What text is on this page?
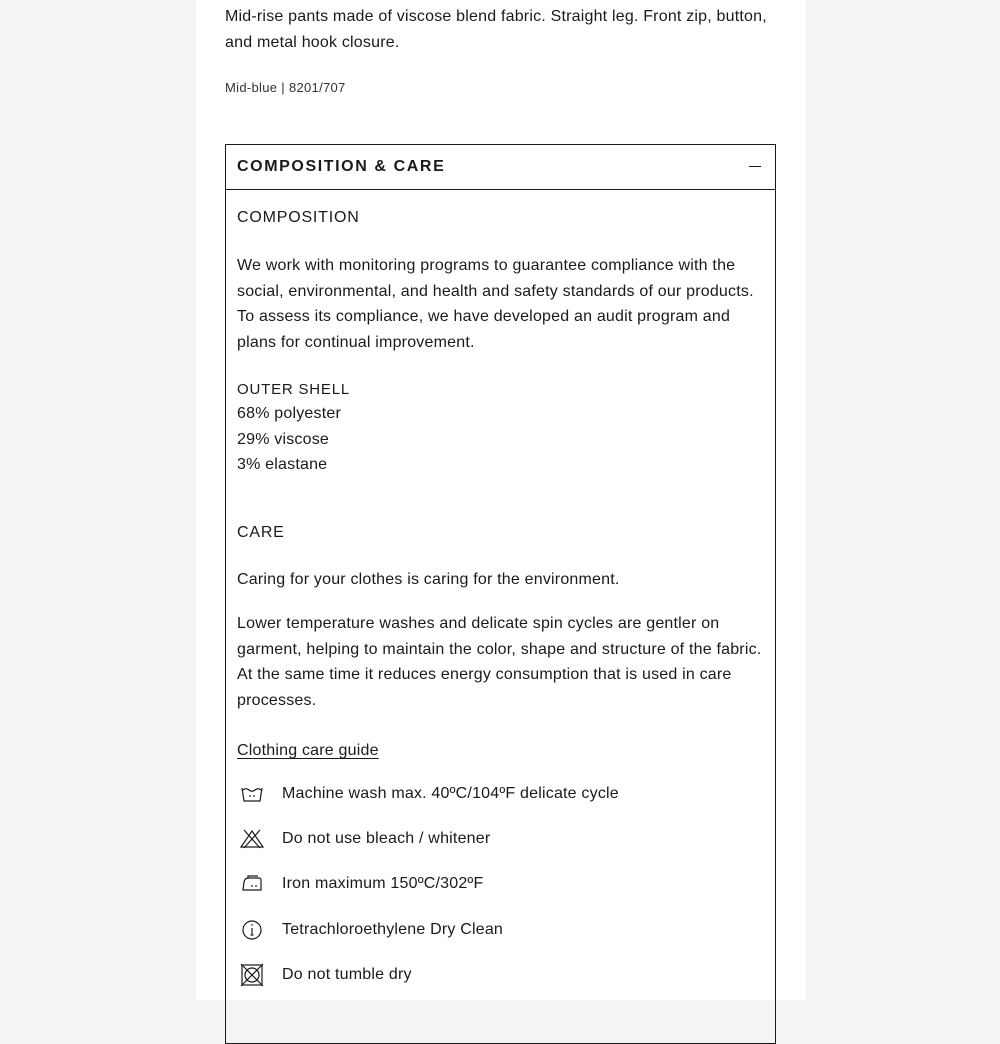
Mid-rise pants made of viscose blend fabric. Straight leg. Front zip, button, and metal hook closure.

Mid-blue | 8201/707
COMPOSITION & CARE
COMPOSITION

We work with monitoring programs to guarantee compliance with the social, environmental, and health and safety standards of our products. To assess its compliance, we have developed an audit program and plans for continual improvement.

OUTER SHELL
68% polyester
29% viscose
3% elastane
CARE

Caring for your clothes is caring for the environment.

Lower temperature washes and delicate spin cycles are gentler on garment, helping to maintain the color, shape and structure of the fabric. At the same time it reduces energy consumption that is used in care processes.

Clothing care guide
Machine wash max. 40ºC/104ºF delicate cycle
Do not use bleach / whitener
Iron maximum 150ºC/302ºF
Tetrachloroethylene Dry Clean
Do not tumble dry
